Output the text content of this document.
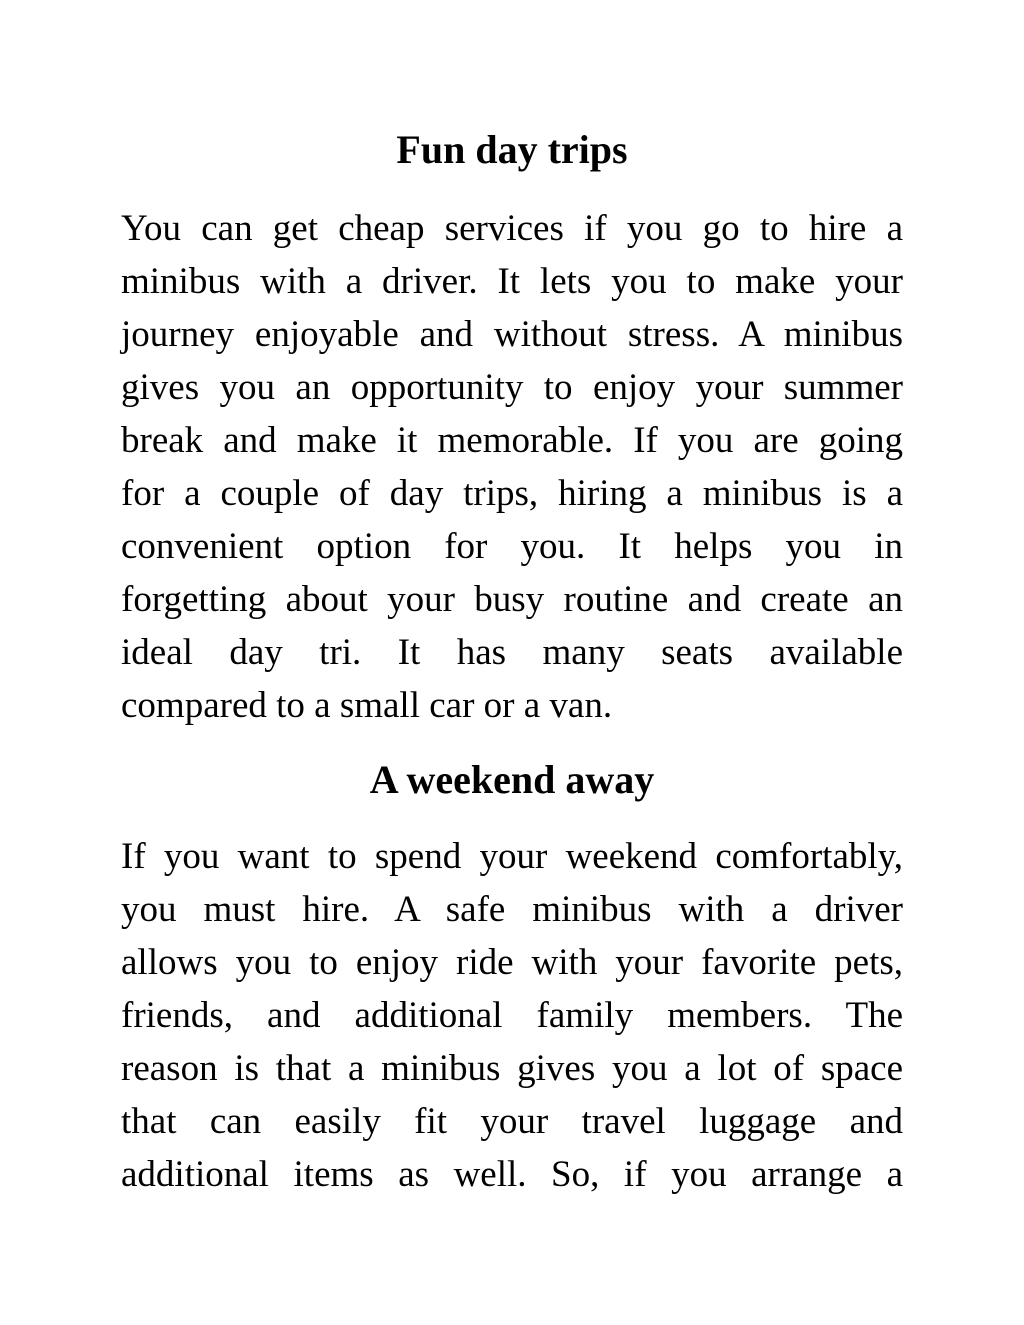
Fun day trips

You can get cheap services if you go to hire a
minibus with a driver. It lets you to make your
journey enjoyable and without stress. A minibus
gives you an opportunity to enjoy your summer
break and make it memorable. If you are going
for a couple of day trips, hiring a minibus is a
convenient option for you. It helps you in
forgetting about your busy routine and create an
ideal day tri. It has many seats available
compared to a small car or a van.

A weekend away

If you want to spend your weekend comfortably,
you must hire. A safe minibus with a driver
allows you to enjoy ride with your favorite pets,
friends, and additional family members. The
reason is that a minibus gives you a lot of space
that can easily fit your travel luggage and
additional items as well. So, if you arrange a
